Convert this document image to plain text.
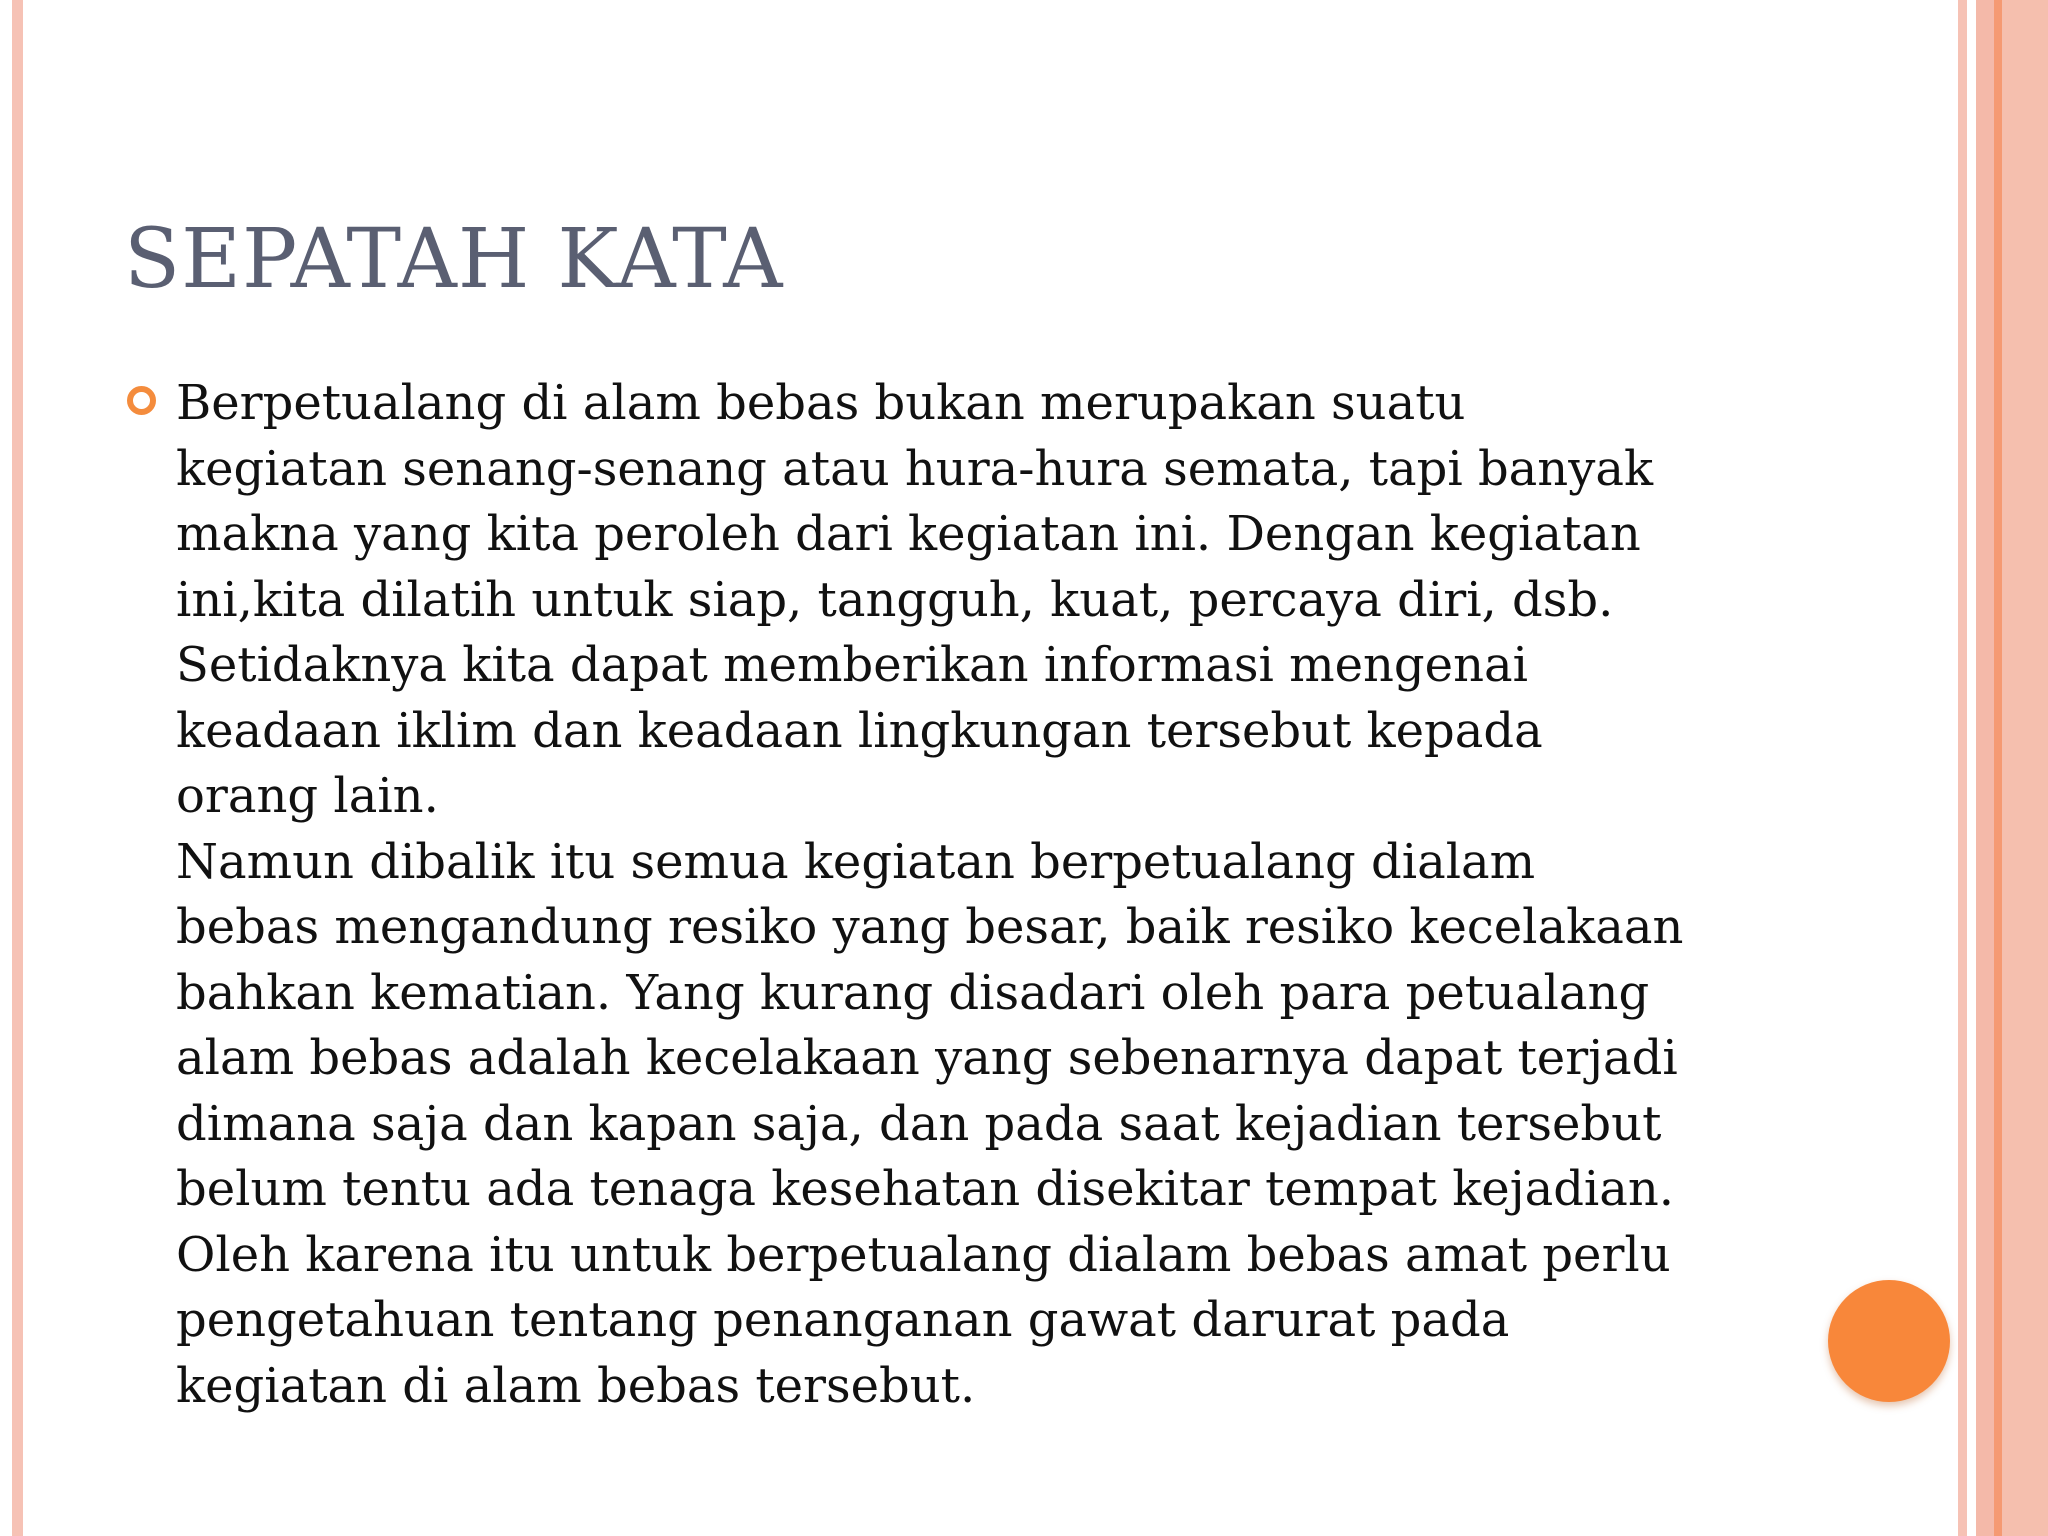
SEPATAH KATA
Berpetualang di alam bebas bukan merupakan suatu
kegiatan senang-senang atau hura-hura semata, tapi banyak
makna yang kita peroleh dari kegiatan ini. Dengan kegiatan
ini,kita dilatih untuk siap, tangguh, kuat, percaya diri, dsb.
Setidaknya kita dapat memberikan informasi mengenai
keadaan iklim dan keadaan lingkungan tersebut kepada
orang lain.
Namun dibalik itu semua kegiatan berpetualang dialam
bebas mengandung resiko yang besar, baik resiko kecelakaan
bahkan kematian. Yang kurang disadari oleh para petualang
alam bebas adalah kecelakaan yang sebenarnya dapat terjadi
dimana saja dan kapan saja, dan pada saat kejadian tersebut
belum tentu ada tenaga kesehatan disekitar tempat kejadian.
Oleh karena itu untuk berpetualang dialam bebas amat perlu
pengetahuan tentang penanganan gawat darurat pada
kegiatan di alam bebas tersebut.
